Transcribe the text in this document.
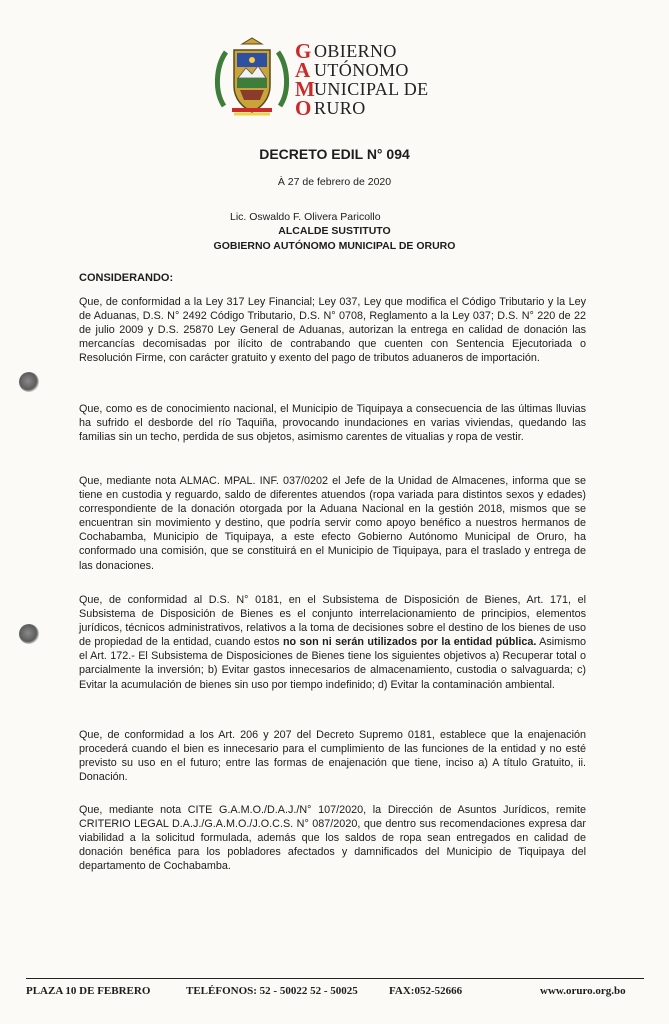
G
A
M
O
OBIERNO
UTÓNOMO
UNICIPAL DE
RURO
DECRETO EDIL N° 094
À 27 de febrero de 2020
Lic. Oswaldo F. Olivera Paricollo
ALCALDE SUSTITUTO
GOBIERNO AUTÓNOMO MUNICIPAL DE ORURO
CONSIDERANDO:
Que, de conformidad a la Ley 317 Ley Financial; Ley 037, Ley que modifica el Código Tributario y la Ley de Aduanas, D.S. N° 2492 Código Tributario, D.S. N° 0708, Reglamento a la Ley 037; D.S. N° 220 de 22 de julio 2009 y D.S. 25870 Ley General de Aduanas, autorizan la entrega en calidad de donación las mercancías decomisadas por ilícito de contrabando que cuenten con Sentencia Ejecutoriada o Resolución Firme, con carácter gratuito y exento del pago de tributos aduaneros de importación.
Que, como es de conocimiento nacional, el Municipio de Tiquipaya a consecuencia de las últimas lluvias ha sufrido el desborde del río Taquiña, provocando inundaciones en varias viviendas, quedando las familias sin un techo, perdida de sus objetos, asimismo carentes de vitualias y ropa de vestir.
Que, mediante nota ALMAC. MPAL. INF. 037/0202 el Jefe de la Unidad de Almacenes, informa que se tiene en custodia y reguardo, saldo de diferentes atuendos (ropa variada para distintos sexos y edades) correspondiente de la donación otorgada por la Aduana Nacional en la gestión 2018, mismos que se encuentran sin movimiento y destino, que podría servir como apoyo benéfico a nuestros hermanos de Cochabamba, Municipio de Tiquipaya, a este efecto Gobierno Autónomo Municipal de Oruro, ha conformado una comisión, que se constituirá en el Municipio de Tiquipaya, para el traslado y entrega de las donaciones.
Que, de conformidad al D.S. N° 0181, en el Subsistema de Disposición de Bienes, Art. 171, el Subsistema de Disposición de Bienes es el conjunto interrelacionamiento de principios, elementos jurídicos, técnicos administrativos, relativos a la toma de decisiones sobre el destino de los bienes de uso de propiedad de la entidad, cuando estos no son ni serán utilizados por la entidad pública. Asimismo el Art. 172.- El Subsistema de Disposiciones de Bienes tiene los siguientes objetivos a) Recuperar total o parcialmente la inversión; b) Evitar gastos innecesarios de almacenamiento, custodia o salvaguarda; c) Evitar la acumulación de bienes sin uso por tiempo indefinido; d) Evitar la contaminación ambiental.
Que, de conformidad a los Art. 206 y 207 del Decreto Supremo 0181, establece que la enajenación procederá cuando el bien es innecesario para el cumplimiento de las funciones de la entidad y no esté previsto su uso en el futuro; entre las formas de enajenación que tiene, inciso a) A título Gratuito, ii. Donación.
Que, mediante nota CITE G.A.M.O./D.A.J./N° 107/2020, la Dirección de Asuntos Jurídicos, remite CRITERIO LEGAL D.A.J./G.A.M.O./J.O.C.S. N° 087/2020, que dentro sus recomendaciones expresa dar viabilidad a la solicitud formulada, además que los saldos de ropa sean entregados en calidad de donación benéfica para los pobladores afectados y damnificados del Municipio de Tiquipaya del departamento de Cochabamba.
PLAZA 10 DE FEBRERO	TELÉFONOS: 52 - 50022 52 - 50025	FAX:052-52666	www.oruro.org.bo
